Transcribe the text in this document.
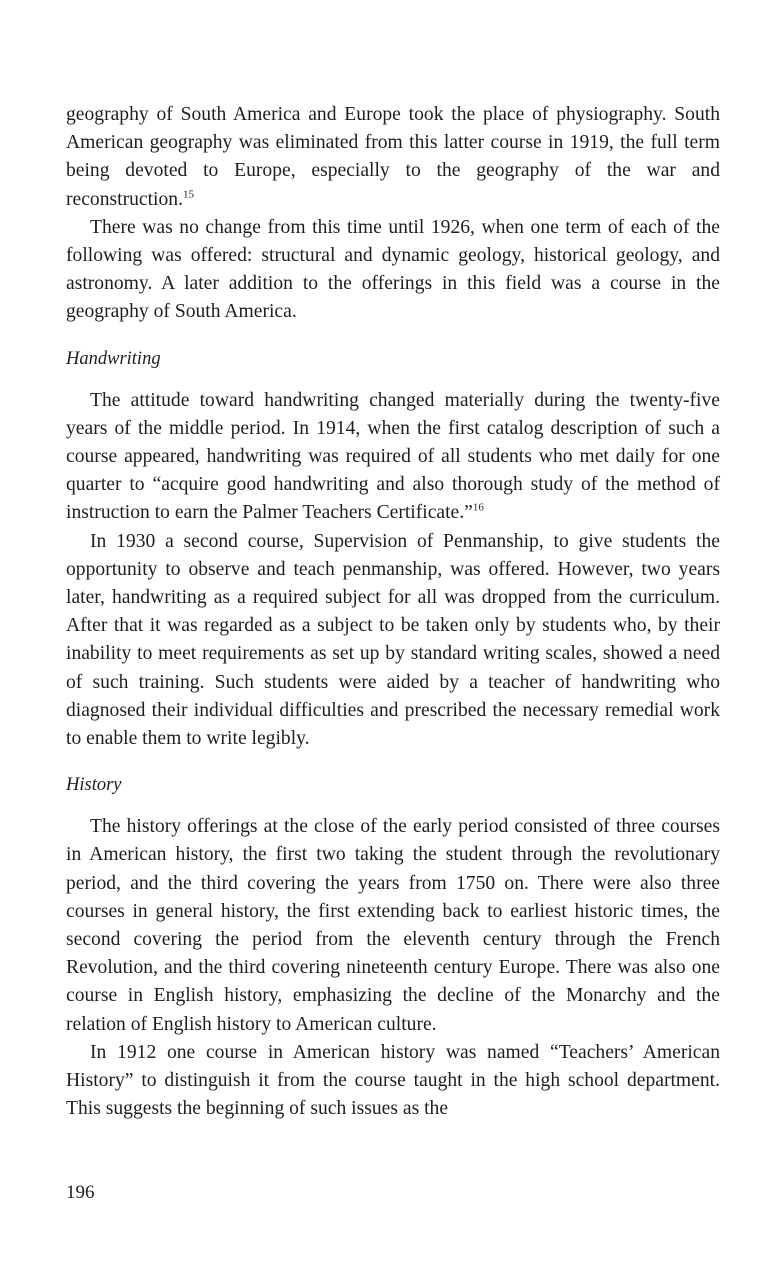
geography of South America and Europe took the place of physiography. South American geography was eliminated from this latter course in 1919, the full term being devoted to Europe, especially to the geography of the war and reconstruction.$^{15}$

There was no change from this time until 1926, when one term of each of the following was offered: structural and dynamic geology, historical geology, and astronomy. A later addition to the offerings in this field was a course in the geography of South America.

Handwriting

The attitude toward handwriting changed materially during the twenty-five years of the middle period. In 1914, when the first catalog description of such a course appeared, handwriting was required of all students who met daily for one quarter to “acquire good handwriting and also thorough study of the method of instruction to earn the Palmer Teachers Certificate.”$^{16}$

In 1930 a second course, Supervision of Penmanship, to give students the opportunity to observe and teach penmanship, was offered. However, two years later, handwriting as a required subject for all was dropped from the curriculum. After that it was regarded as a subject to be taken only by students who, by their inability to meet requirements as set up by standard writing scales, showed a need of such training. Such students were aided by a teacher of handwriting who diagnosed their individual difficulties and prescribed the necessary remedial work to enable them to write legibly.

History

The history offerings at the close of the early period consisted of three courses in American history, the first two taking the student through the revolutionary period, and the third covering the years from 1750 on. There were also three courses in general history, the first extending back to earliest historic times, the second covering the period from the eleventh century through the French Revolution, and the third covering nineteenth century Europe. There was also one course in English history, emphasizing the decline of the Monarchy and the relation of English history to American culture.

In 1912 one course in American history was named “Teachers’ American History” to distinguish it from the course taught in the high school department. This suggests the beginning of such issues as the

196
